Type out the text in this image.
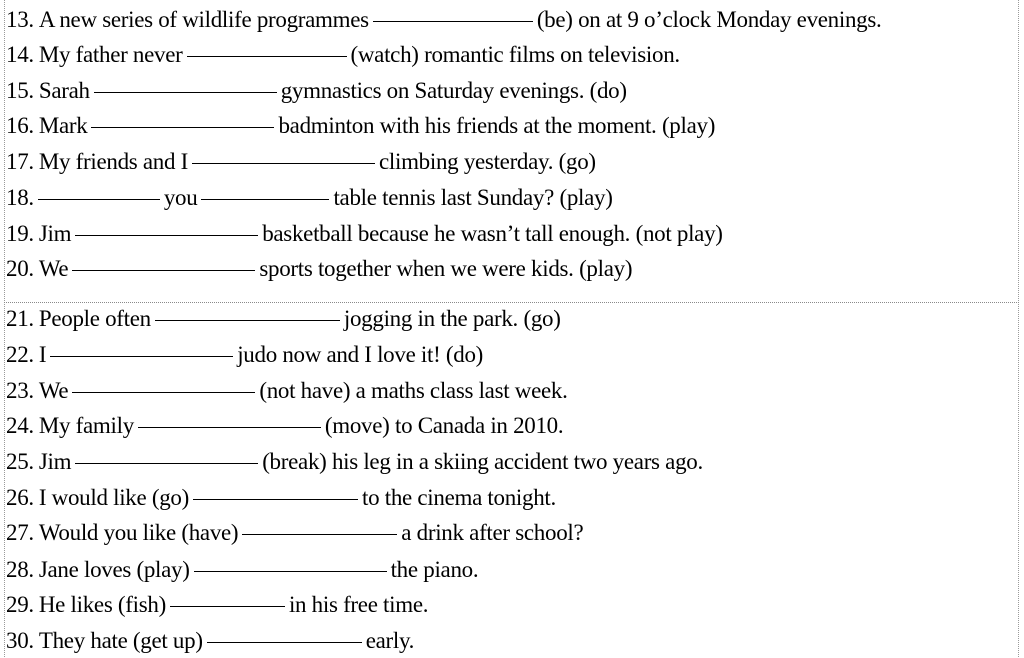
13. A new series of wildlife programmes	(be) on at 9 o’clock Monday evenings.
14. My father never	(watch) romantic films on television.
15. Sarah	gymnastics on Saturday evenings. (do)
16. Mark	badminton with his friends at the moment. (play)
17. My friends and I	climbing yesterday. (go)
18.	you	table tennis last Sunday? (play)
19. Jim	basketball because he wasn’t tall enough. (not play)
20. We	sports together when we were kids. (play)
21. People often	jogging in the park. (go)
22. I	judo now and I love it! (do)
23. We	(not have) a maths class last week.
24. My family	(move) to Canada in 2010.
25. Jim	(break) his leg in a skiing accident two years ago.
26. I would like (go)	to the cinema tonight.
27. Would you like (have)	a drink after school?
28. Jane loves (play)	the piano.
29. He likes (fish)	in his free time.
30. They hate (get up)	early.
